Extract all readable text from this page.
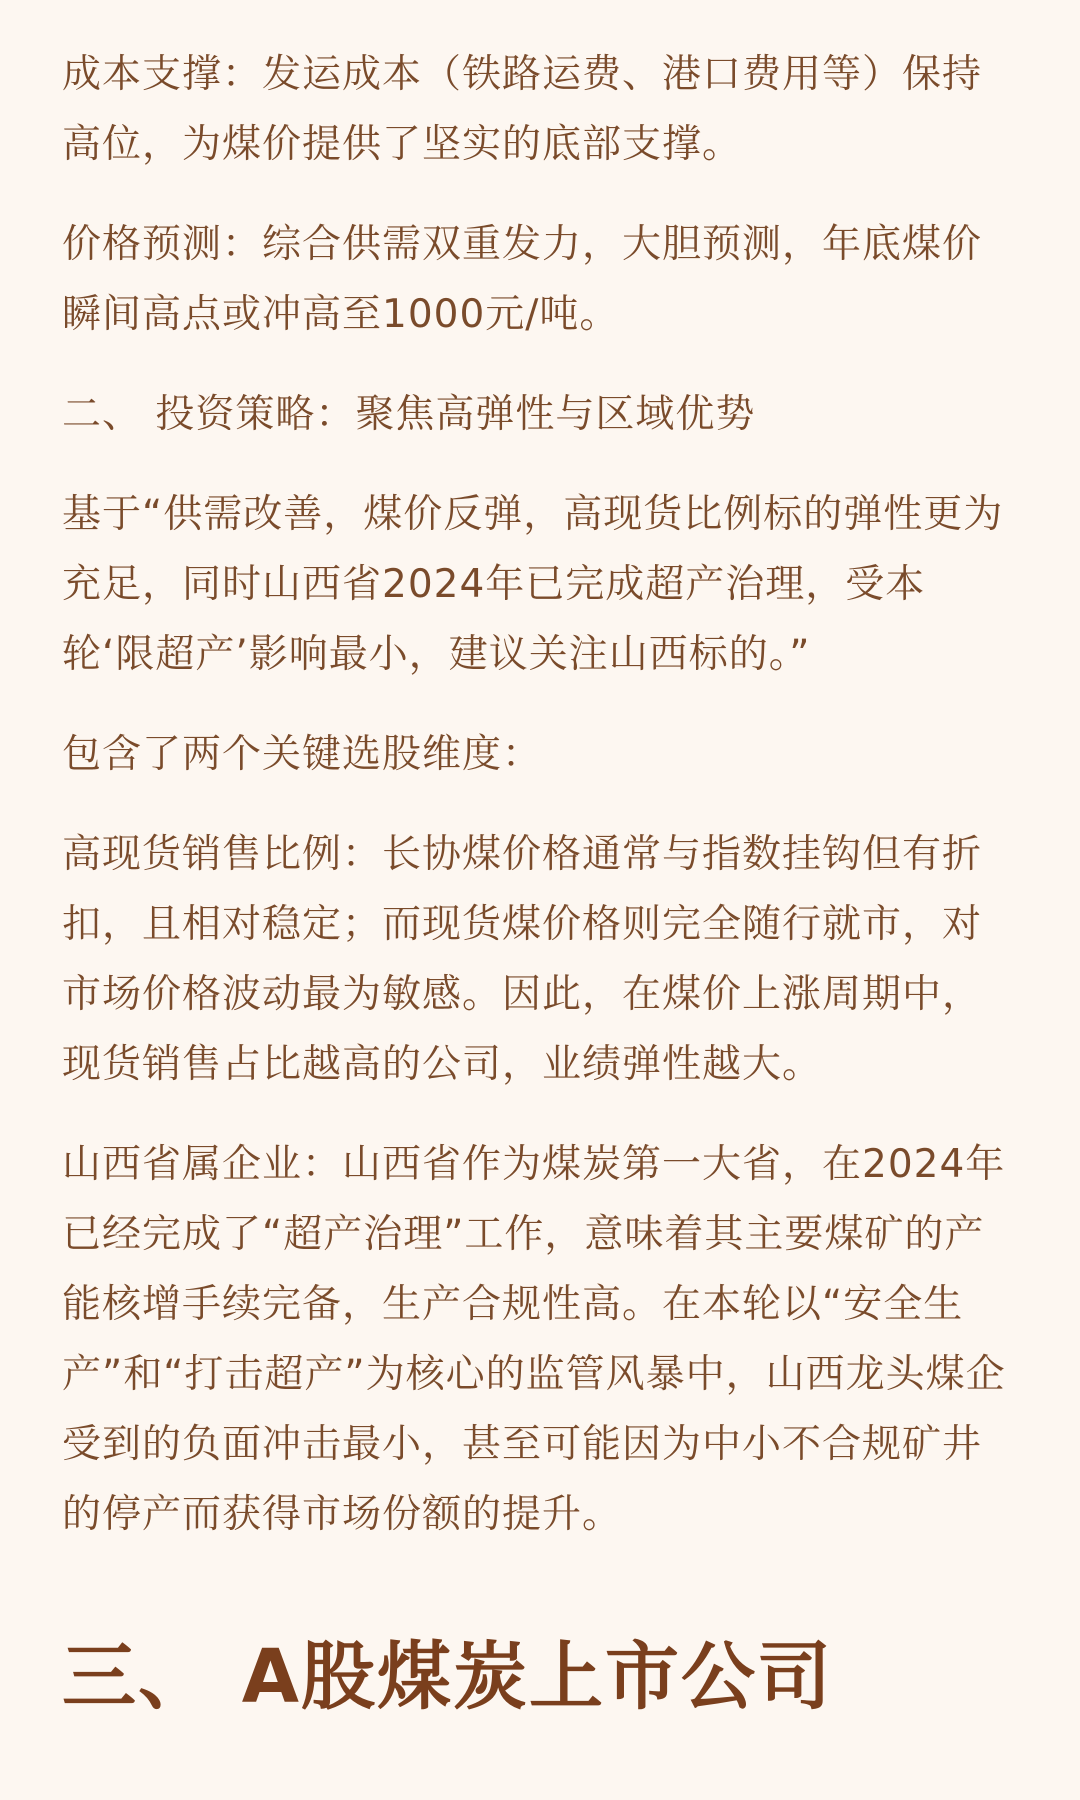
成本支撑：发运成本（铁路运费、港口费用等）保持高位，为煤价提供了坚实的底部支撑。

价格预测：综合供需双重发力，大胆预测，年底煤价瞬间高点或冲高至1000元/吨。

二、 投资策略：聚焦高弹性与区域优势

基于“供需改善，煤价反弹，高现货比例标的弹性更为充足，同时山西省2024年已完成超产治理，受本轮‘限超产’影响最小，建议关注山西标的。”

包含了两个关键选股维度：

高现货销售比例：长协煤价格通常与指数挂钩但有折扣，且相对稳定；而现货煤价格则完全随行就市，对市场价格波动最为敏感。因此，在煤价上涨周期中，现货销售占比越高的公司，业绩弹性越大。

山西省属企业：山西省作为煤炭第一大省，在2024年已经完成了“超产治理”工作，意味着其主要煤矿的产能核增手续完备，生产合规性高。在本轮以“安全生产”和“打击超产”为核心的监管风暴中，山西龙头煤企受到的负面冲击最小，甚至可能因为中小不合规矿井的停产而获得市场份额的提升。

三、 A股煤炭上市公司
